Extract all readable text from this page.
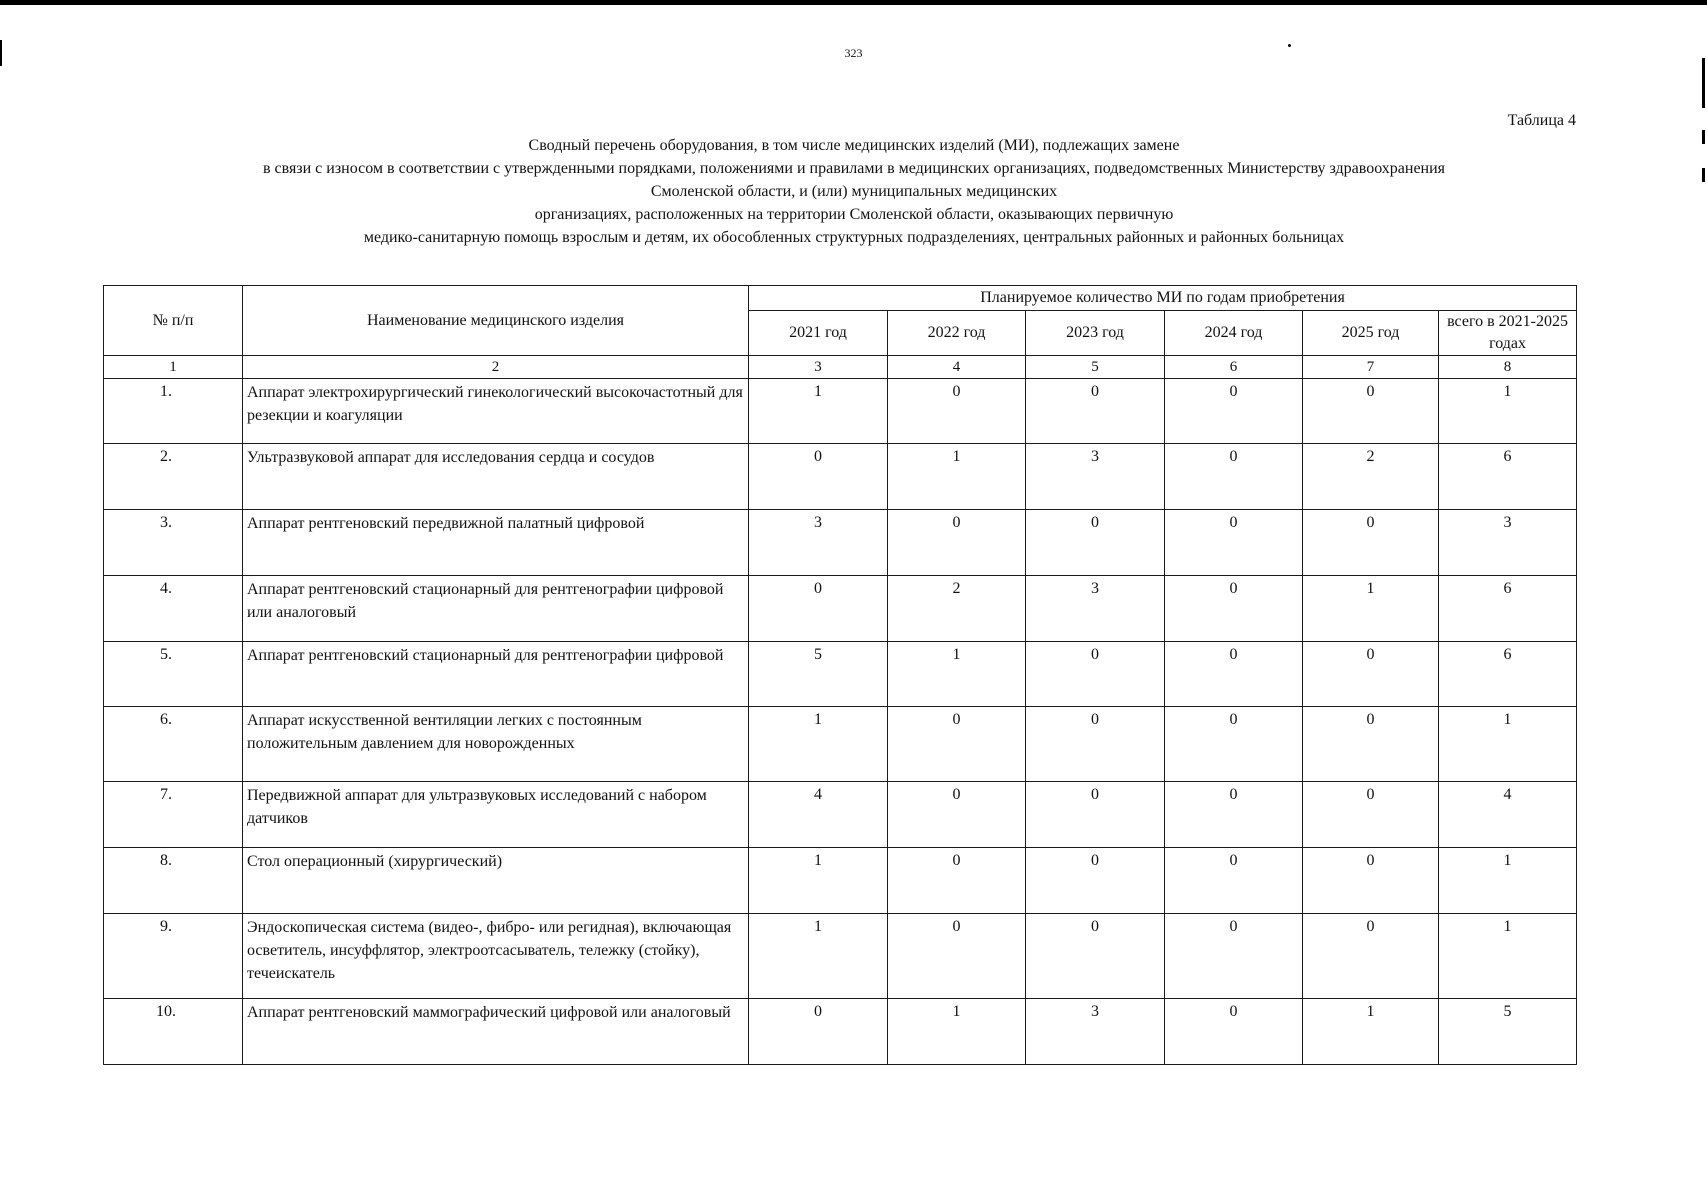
323
Таблица 4
Сводный перечень оборудования, в том числе медицинских изделий (МИ), подлежащих замене
в связи с износом в соответствии с утвержденными порядками, положениями и правилами в медицинских организациях, подведомственных Министерству здравоохранения
Смоленской области, и (или) муниципальных медицинских
организациях, расположенных на территории Смоленской области, оказывающих первичную
медико-санитарную помощь взрослым и детям, их обособленных структурных подразделениях, центральных районных и районных больницах
№ п/п	Наименование медицинского изделия	Планируемое количество МИ по годам приобретения					
		2021 год	2022 год	2023 год	2024 год	2025 год	всего в 2021-2025 годах
1	2	3	4	5	6	7	8
1.	Аппарат электрохирургический гинекологический высокочастотный для резекции и коагуляции	1	0	0	0	0	1
2.	Ультразвуковой аппарат для исследования сердца и сосудов	0	1	3	0	2	6
3.	Аппарат рентгеновский передвижной палатный цифровой	3	0	0	0	0	3
4.	Аппарат рентгеновский стационарный для рентгенографии цифровой или аналоговый	0	2	3	0	1	6
5.	Аппарат рентгеновский стационарный для рентгенографии цифровой	5	1	0	0	0	6
6.	Аппарат искусственной вентиляции легких с постоянным положительным давлением для новорожденных	1	0	0	0	0	1
7.	Передвижной аппарат для ультразвуковых исследований с набором датчиков	4	0	0	0	0	4
8.	Стол операционный (хирургический)	1	0	0	0	0	1
9.	Эндоскопическая система (видео-, фибро- или регидная), включающая осветитель, инсуффлятор, электроотсасыватель, тележку (стойку), течеискатель	1	0	0	0	0	1
10.	Аппарат рентгеновский маммографический цифровой или аналоговый	0	1	3	0	1	5
